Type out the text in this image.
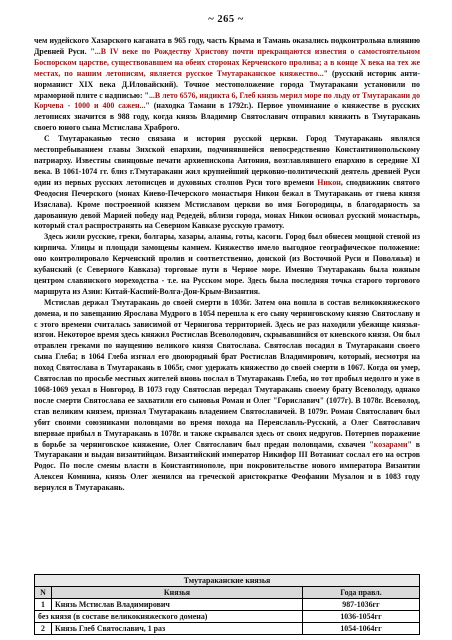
~ 265 ~

чем иудейского Хазарского каганата в 965 году, часть Крыма и Тамань оказались подконтрольна влиянию Древней Руси. "...В IV веке по Рождеству Христову почти прекращаются известия о самостоятельном Боспорском царстве, существовавшем на обеих сторонах Керченского пролива; а в конце X века на тех же местах, по нашим летописям, является русское Тмутараканское княжество..." (русский историк анти-норманист XIX века Д.Иловайский). Точное местоположение города Тмутаракани установили по мраморной плите с надписью: "...В лето 6576, индикта 6, Глеб князь мерил море по льду от Тмутаракани до Корчева - 1000 и 400 сажен..." (находка Тамани в 1792г.). Первое упоминание о княжестве в русских летописях значится в 988 году, когда князь Владимир Святославич отправил княжить в Тмутаракань своего юного сына Мстислава Храброго.

С Тмутараканью тесно связана и история русской церкви. Город Тмутаракань являлся местопребыванием главы Зихской епархии, подчинявшейся непосредственно Константинопольскому патриарху. Известны свинцовые печати архиепископа Антония, возглавлявшего епархию в середине XI века. В 1061-1074 гг. близ г.Тмутаракани жил крупнейший церковно-политический деятель древней Руси один из первых русских летописцев и духовных столпов Руси того времени Никон, сподвижник святого Феодосия Печерского (монах Киево-Печерского монастыря Никон бежал в Тмутаракань от гнева князя Изяслава). Кроме построенной князем Мстиславом церкви во имя Богородицы, в благодарность за дарованную девой Марией победу над Редедей, вблизи города, монах Никон основал русский монастырь, который стал распространять на Северном Кавказе русскую грамоту.

Здесь жили русские, греки, болгары, хазары, аланы, готы, касоги. Город был обнесен мощной стеной из кирпича. Улицы и площади замощены камнем. Княжество имело выгодное географическое положение: оно контролировало Керченский пролив и соответственно, донской (из Восточной Руси и Поволжья) и кубанский (с Северного Кавказа) торговые пути в Черное море. Именно Тмутаракань была южным центром славянского мореходства - т.е. на Русском море. Здесь была последняя точка старого торгового маршрута из Азии: Китай-Каспий-Волга-Дон-Крым-Византия.

Мстислав держал Тмутаракань до своей смерти в 1036г. Затем она вошла в состав великокняжеского домена, и по завещанию Ярослава Мудрого в 1054 перешла к его сыну черниговскому князю Святославу и с этого времени считалась зависимой от Чернигова территорией. Здесь не раз находили убежище князья-изгои. Некоторое время здесь княжил Ростислав Всеволодович, скрывавшийся от киевского князя. Он был отравлен греками по наущению великого князя Святослава. Святослав посадил в Тмутаракани своего сына Глеба; в 1064 Глеба изгнал его двоюродный брат Ростислав Владимирович, который, несмотря на поход Святослава в Тмутаракань в 1065г, смог удержать княжество до своей смерти в 1067. Когда он умер, Святослав по просьбе местных жителей вновь послал в Тмутаракань Глеба, но тот пробыл недолго и уже в 1068-1069 уехал в Новгород. В 1073 году Святослав передал Тмутаракань своему брату Всеволоду, однако после смерти Святослава ее захватили его сыновья Роман и Олег "Гориславич" (1077г). В 1078г. Всеволод, став великим князем, признал Тмутаракань владением Святославичей. В 1079г. Роман Святославич был убит своими союзниками половцами во время похода на Переяславль-Русский, а Олег Святославич впервые прибыл в Тмутаракань в 1078г. и также скрывался здесь от своих недругов. Потерпев поражение в борьбе за черниговское княжение, Олег Святославич был предан половцами, схвачен "козарами" в Тмутаракани и выдан византийцам. Византийский император Никифор III Вотаниат сослал его на остров Родос. По после смены власти в Константинополе, при покровительстве нового императора Византии Алексея Комнина, князь Олег женился на греческой аристократке Феофании Музалон и в 1083 году вернулся в Тмутаракань.

Тмутараканские князья		
N	Князья	Года правл.
1	Князь Мстислав Владимирович	987-1036гг
без князя (в составе великокняжеского домена)		1036-1054гг
2	Князь Глеб Святославич, 1 раз	1054-1064гг
